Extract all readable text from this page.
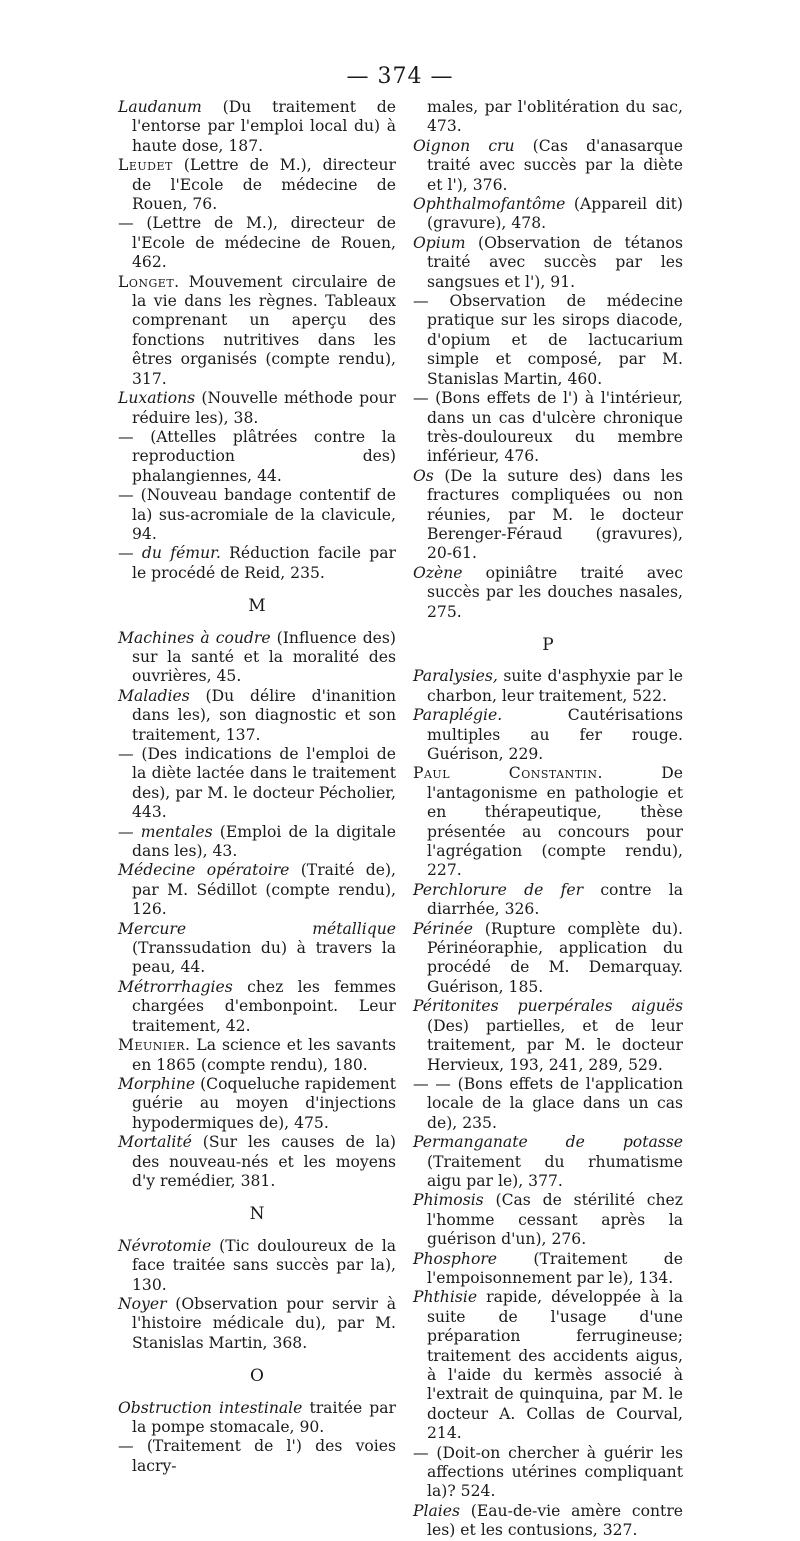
— 374 —
Laudanum (Du traitement de l'entorse par l'emploi local du) à haute dose, 187.
Leudet (Lettre de M.), directeur de l'Ecole de médecine de Rouen, 76.
— (Lettre de M.), directeur de l'Ecole de médecine de Rouen, 462.
Longet. Mouvement circulaire de la vie dans les règnes. Tableaux comprenant un aperçu des fonctions nutritives dans les êtres organisés (compte rendu), 317.
Luxations (Nouvelle méthode pour réduire les), 38.
— (Attelles plâtrées contre la reproduction des) phalangiennes, 44.
— (Nouveau bandage contentif de la) sus-acromiale de la clavicule, 94.
— du fémur. Réduction facile par le procédé de Reid, 235.
M
Machines à coudre (Influence des) sur la santé et la moralité des ouvrières, 45.
Maladies (Du délire d'inanition dans les), son diagnostic et son traitement, 137.
— (Des indications de l'emploi de la diète lactée dans le traitement des), par M. le docteur Pécholier, 443.
— mentales (Emploi de la digitale dans les), 43.
Médecine opératoire (Traité de), par M. Sédillot (compte rendu), 126.
Mercure métallique (Transsudation du) à travers la peau, 44.
Métrorrhagies chez les femmes chargées d'embonpoint. Leur traitement, 42.
Meunier. La science et les savants en 1865 (compte rendu), 180.
Morphine (Coqueluche rapidement guérie au moyen d'injections hypodermiques de), 475.
Mortalité (Sur les causes de la) des nouveau-nés et les moyens d'y remédier, 381.
N
Névrotomie (Tic douloureux de la face traitée sans succès par la), 130.
Noyer (Observation pour servir à l'histoire médicale du), par M. Stanislas Martin, 368.
O
Obstruction intestinale traitée par la pompe stomacale, 90.
— (Traitement de l') des voies lacry-
males, par l'oblitération du sac, 473.
Oignon cru (Cas d'anasarque traité avec succès par la diète et l'), 376.
Ophthalmofantôme (Appareil dit) (gravure), 478.
Opium (Observation de tétanos traité avec succès par les sangsues et l'), 91.
— Observation de médecine pratique sur les sirops diacode, d'opium et de lactucarium simple et composé, par M. Stanislas Martin, 460.
— (Bons effets de l') à l'intérieur, dans un cas d'ulcère chronique très-douloureux du membre inférieur, 476.
Os (De la suture des) dans les fractures compliquées ou non réunies, par M. le docteur Berenger-Féraud (gravures), 20-61.
Ozène opiniâtre traité avec succès par les douches nasales, 275.
P
Paralysies, suite d'asphyxie par le charbon, leur traitement, 522.
Paraplégie. Cautérisations multiples au fer rouge. Guérison, 229.
Paul Constantin. De l'antagonisme en pathologie et en thérapeutique, thèse présentée au concours pour l'agrégation (compte rendu), 227.
Perchlorure de fer contre la diarrhée, 326.
Périnée (Rupture complète du). Périnéoraphie, application du procédé de M. Demarquay. Guérison, 185.
Péritonites puerpérales aiguës (Des) partielles, et de leur traitement, par M. le docteur Hervieux, 193, 241, 289, 529.
— — (Bons effets de l'application locale de la glace dans un cas de), 235.
Permanganate de potasse (Traitement du rhumatisme aigu par le), 377.
Phimosis (Cas de stérilité chez l'homme cessant après la guérison d'un), 276.
Phosphore (Traitement de l'empoisonnement par le), 134.
Phthisie rapide, développée à la suite de l'usage d'une préparation ferrugineuse; traitement des accidents aigus, à l'aide du kermès associé à l'extrait de quinquina, par M. le docteur A. Collas de Courval, 214.
— (Doit-on chercher à guérir les affections utérines compliquant la)? 524.
Plaies (Eau-de-vie amère contre les) et les contusions, 327.
